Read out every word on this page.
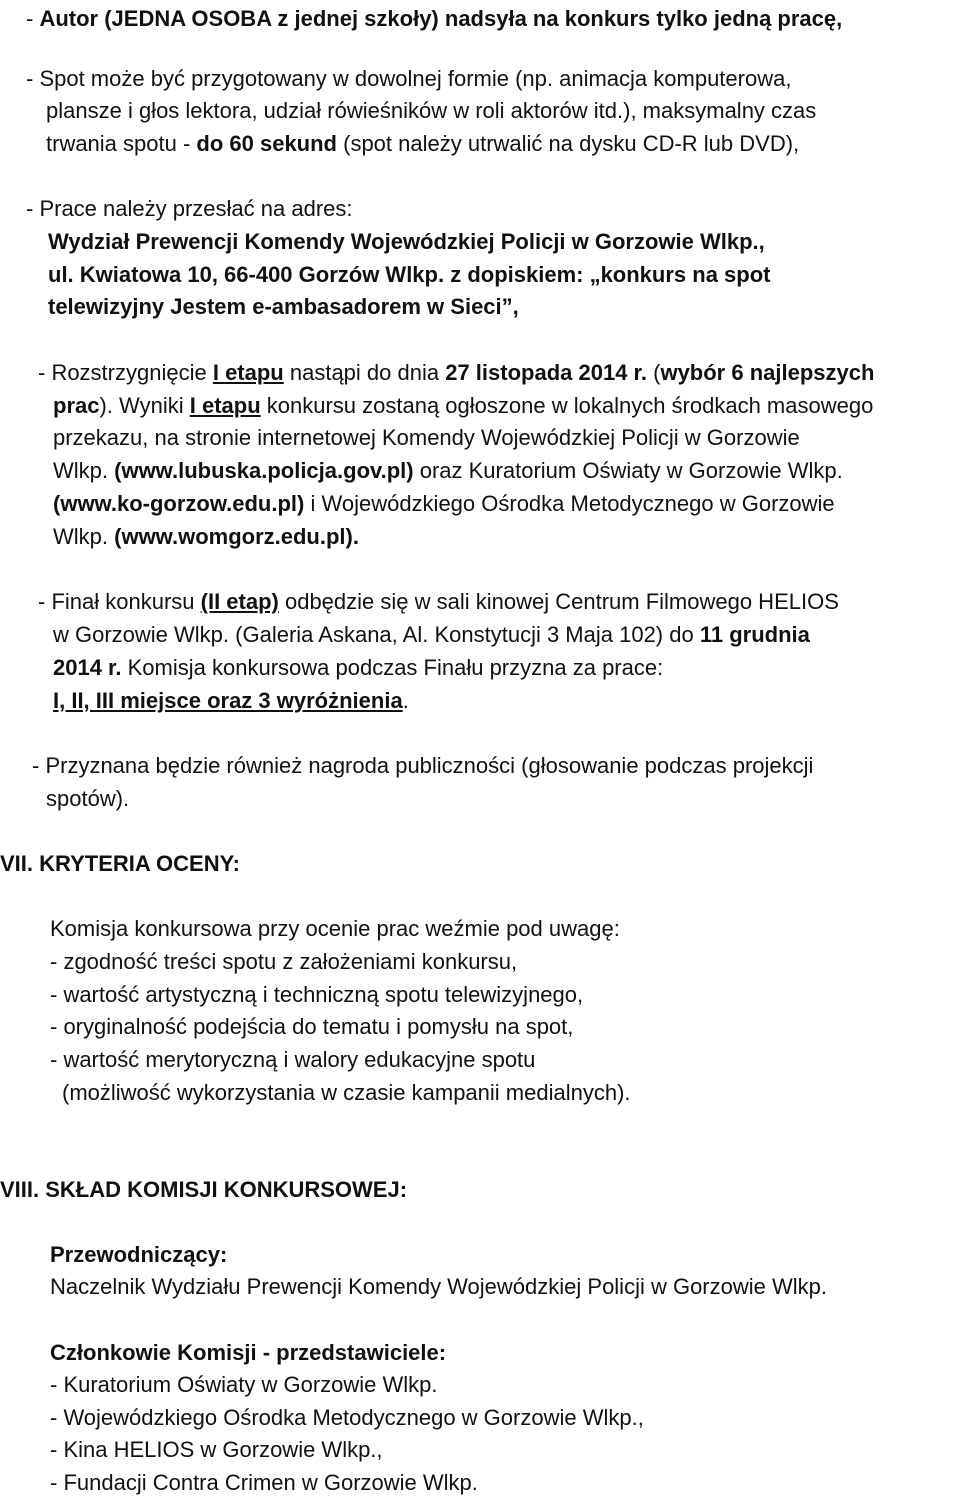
- Autor (JEDNA OSOBA z jednej szkoły) nadsyła na konkurs tylko jedną pracę,
- Spot może być przygotowany w dowolnej formie (np. animacja komputerowa,
plansze i głos lektora, udział rówieśników w roli aktorów itd.), maksymalny czas
trwania spotu - do 60 sekund (spot należy utrwalić na dysku CD-R lub DVD),
- Prace należy przesłać na adres:
Wydział Prewencji Komendy Wojewódzkiej Policji w Gorzowie Wlkp.,
ul. Kwiatowa 10, 66-400 Gorzów Wlkp. z dopiskiem: „konkurs na spot
telewizyjny Jestem e-ambasadorem w Sieci”,
- Rozstrzygnięcie I etapu nastąpi do dnia 27 listopada 2014 r. (wybór 6 najlepszych
prac). Wyniki I etapu konkursu zostaną ogłoszone w lokalnych środkach masowego
przekazu, na stronie internetowej Komendy Wojewódzkiej Policji w Gorzowie
Wlkp. (www.lubuska.policja.gov.pl) oraz Kuratorium Oświaty w Gorzowie Wlkp.
(www.ko-gorzow.edu.pl) i Wojewódzkiego Ośrodka Metodycznego w Gorzowie
Wlkp. (www.womgorz.edu.pl).
- Finał konkursu (II etap) odbędzie się w sali kinowej Centrum Filmowego HELIOS
w Gorzowie Wlkp. (Galeria Askana, Al. Konstytucji 3 Maja 102) do 11 grudnia
2014 r. Komisja konkursowa podczas Finału przyzna za prace:
I, II, III miejsce oraz 3 wyróżnienia.
- Przyznana będzie również nagroda publiczności (głosowanie podczas projekcji
spotów).
VII. KRYTERIA OCENY:
Komisja konkursowa przy ocenie prac weźmie pod uwagę:
- zgodność treści spotu z założeniami konkursu,
- wartość artystyczną i techniczną spotu telewizyjnego,
- oryginalność podejścia do tematu i pomysłu na spot,
- wartość merytoryczną i walory edukacyjne spotu
(możliwość wykorzystania w czasie kampanii medialnych).
VIII. SKŁAD KOMISJI KONKURSOWEJ:
Przewodniczący:
Naczelnik Wydziału Prewencji Komendy Wojewódzkiej Policji w Gorzowie Wlkp.
Członkowie Komisji - przedstawiciele:
- Kuratorium Oświaty w Gorzowie Wlkp.
- Wojewódzkiego Ośrodka Metodycznego w Gorzowie Wlkp.,
- Kina HELIOS w Gorzowie Wlkp.,
- Fundacji Contra Crimen w Gorzowie Wlkp.
